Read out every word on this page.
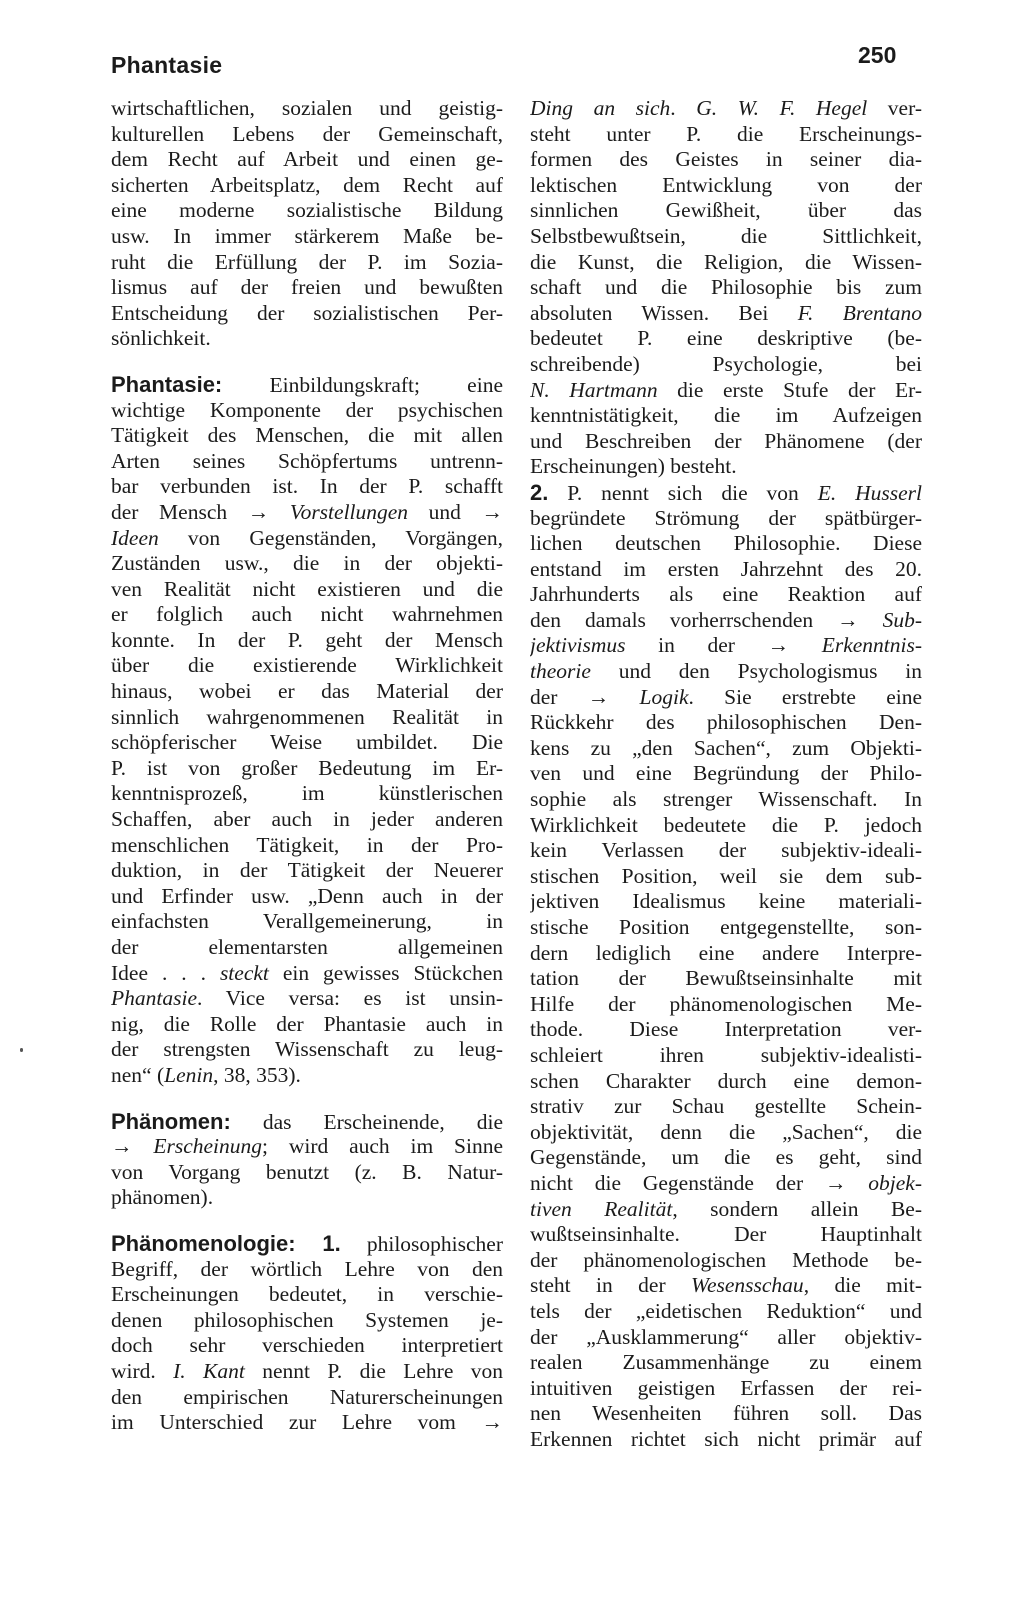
Phantasie	250
wirtschaftlichen, sozialen und geistig-
kulturellen Lebens der Gemeinschaft,
dem Recht auf Arbeit und einen ge-
sicherten Arbeitsplatz, dem Recht auf
eine moderne sozialistische Bildung
usw. In immer stärkerem Maße be-
ruht die Erfüllung der P. im Sozia-
lismus auf der freien und bewußten
Entscheidung der sozialistischen Per-
sönlichkeit.
Phantasie: Einbildungskraft; eine
wichtige Komponente der psychischen
Tätigkeit des Menschen, die mit allen
Arten seines Schöpfertums untrenn-
bar verbunden ist. In der P. schafft
der Mensch → Vorstellungen und →
Ideen von Gegenständen, Vorgängen,
Zuständen usw., die in der objekti-
ven Realität nicht existieren und die
er folglich auch nicht wahrnehmen
konnte. In der P. geht der Mensch
über die existierende Wirklichkeit
hinaus, wobei er das Material der
sinnlich wahrgenommenen Realität in
schöpferischer Weise umbildet. Die
P. ist von großer Bedeutung im Er-
kenntnisprozeß, im künstlerischen
Schaffen, aber auch in jeder anderen
menschlichen Tätigkeit, in der Pro-
duktion, in der Tätigkeit der Neuerer
und Erfinder usw. „Denn auch in der
einfachsten Verallgemeinerung, in
der elementarsten allgemeinen
Idee . . . steckt ein gewisses Stückchen
Phantasie. Vice versa: es ist unsin-
nig, die Rolle der Phantasie auch in
der strengsten Wissenschaft zu leug-
nen“ (Lenin, 38, 353).
Phänomen: das Erscheinende, die
→ Erscheinung; wird auch im Sinne
von Vorgang benutzt (z. B. Natur-
phänomen).
Phänomenologie: 1. philosophischer
Begriff, der wörtlich Lehre von den
Erscheinungen bedeutet, in verschie-
denen philosophischen Systemen je-
doch sehr verschieden interpretiert
wird. I. Kant nennt P. die Lehre von
den empirischen Naturerscheinungen
im Unterschied zur Lehre vom →
Ding an sich. G. W. F. Hegel ver-
steht unter P. die Erscheinungs-
formen des Geistes in seiner dia-
lektischen Entwicklung von der
sinnlichen Gewißheit, über das
Selbstbewußtsein, die Sittlichkeit,
die Kunst, die Religion, die Wissen-
schaft und die Philosophie bis zum
absoluten Wissen. Bei F. Brentano
bedeutet P. eine deskriptive (be-
schreibende) Psychologie, bei
N. Hartmann die erste Stufe der Er-
kenntnistätigkeit, die im Aufzeigen
und Beschreiben der Phänomene (der
Erscheinungen) besteht.
2. P. nennt sich die von E. Husserl
begründete Strömung der spätbürger-
lichen deutschen Philosophie. Diese
entstand im ersten Jahrzehnt des 20.
Jahrhunderts als eine Reaktion auf
den damals vorherrschenden → Sub-
jektivismus in der → Erkenntnis-
theorie und den Psychologismus in
der → Logik. Sie erstrebte eine
Rückkehr des philosophischen Den-
kens zu „den Sachen“, zum Objekti-
ven und eine Begründung der Philo-
sophie als strenger Wissenschaft. In
Wirklichkeit bedeutete die P. jedoch
kein Verlassen der subjektiv-ideali-
stischen Position, weil sie dem sub-
jektiven Idealismus keine materiali-
stische Position entgegenstellte, son-
dern lediglich eine andere Interpre-
tation der Bewußtseinsinhalte mit
Hilfe der phänomenologischen Me-
thode. Diese Interpretation ver-
schleiert ihren subjektiv-idealisti-
schen Charakter durch eine demon-
strativ zur Schau gestellte Schein-
objektivität, denn die „Sachen“, die
Gegenstände, um die es geht, sind
nicht die Gegenstände der → objek-
tiven Realität, sondern allein Be-
wußtseinsinhalte. Der Hauptinhalt
der phänomenologischen Methode be-
steht in der Wesensschau, die mit-
tels der „eidetischen Reduktion“ und
der „Ausklammerung“ aller objektiv-
realen Zusammenhänge zu einem
intuitiven geistigen Erfassen der rei-
nen Wesenheiten führen soll. Das
Erkennen richtet sich nicht primär auf
